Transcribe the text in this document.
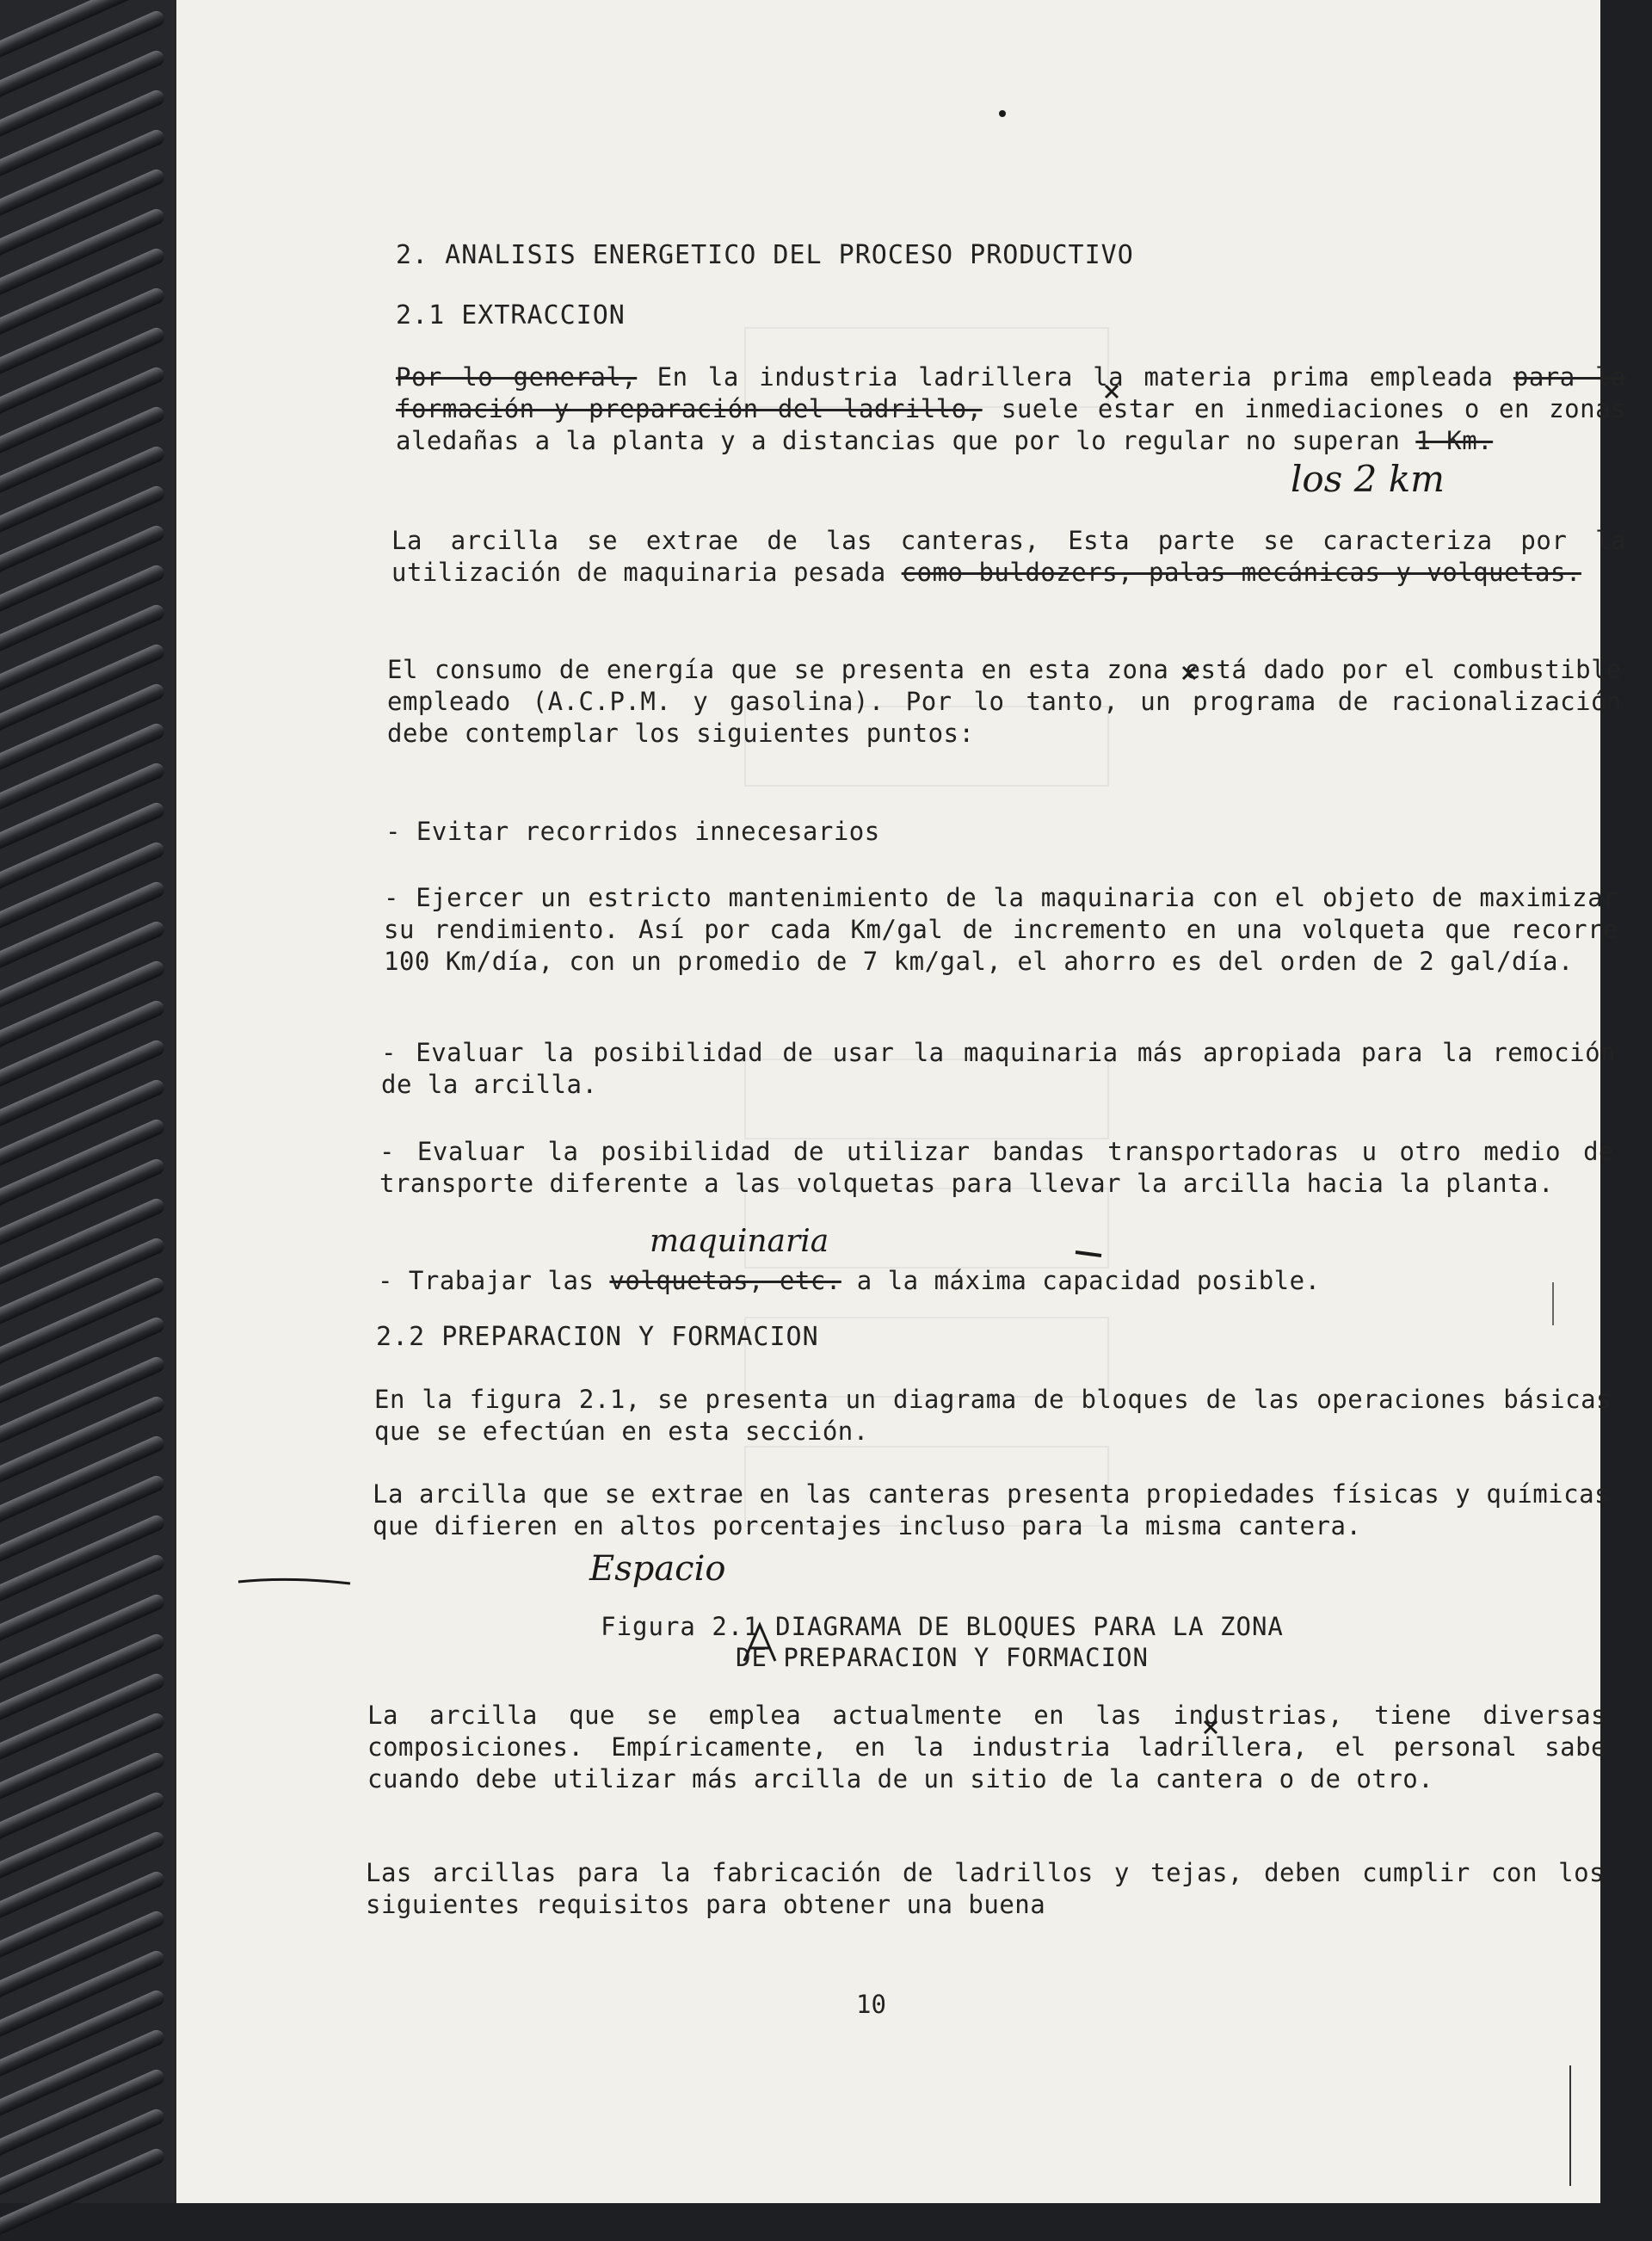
2. ANALISIS ENERGETICO DEL PROCESO PRODUCTIVO
2.1 EXTRACCION
Por lo general, En la industria ladrillera la materia prima empleada para la formación y preparación del ladrillo, suele estar en inmediaciones o en zonas aledañas a la planta y a distancias que por lo regular no superan 1 Km.
los 2 km
La arcilla se extrae de las canteras, Esta parte se caracteriza por la utilización de maquinaria pesada como buldozers, palas mecánicas y volquetas.
El consumo de energía que se presenta en esta zona está dado por el combustible empleado (A.C.P.M. y gasolina). Por lo tanto, un programa de racionalización debe contemplar los siguientes puntos:
- Evitar recorridos innecesarios
- Ejercer un estricto mantenimiento de la maquinaria con el objeto de maximizar su rendimiento. Así por cada Km/gal de incremento en una volqueta que recorre 100 Km/día, con un promedio de 7 km/gal, el ahorro es del orden de 2 gal/día.
- Evaluar la posibilidad de usar la maquinaria más apropiada para la remoción de la arcilla.
- Evaluar la posibilidad de utilizar bandas transportadoras u otro medio de transporte diferente a las volquetas para llevar la arcilla hacia la planta.
- Trabajar las volquetas, etc. a la máxima capacidad posible.
maquinaria
2.2 PREPARACION Y FORMACION
En la figura 2.1, se presenta un diagrama de bloques de las operaciones básicas que se efectúan en esta sección.
La arcilla que se extrae en las canteras presenta propiedades físicas y químicas que difieren en altos porcentajes incluso para la misma cantera.
Espacio
Figura 2.1 DIAGRAMA DE BLOQUES PARA LA ZONA
DE PREPARACION Y FORMACION
La arcilla que se emplea actualmente en las industrias, tiene diversas composiciones. Empíricamente, en la industria ladrillera, el personal sabe cuando debe utilizar más arcilla de un sitio de la cantera o de otro.
Las arcillas para la fabricación de ladrillos y tejas, deben cumplir con los siguientes requisitos para obtener una buena
10
